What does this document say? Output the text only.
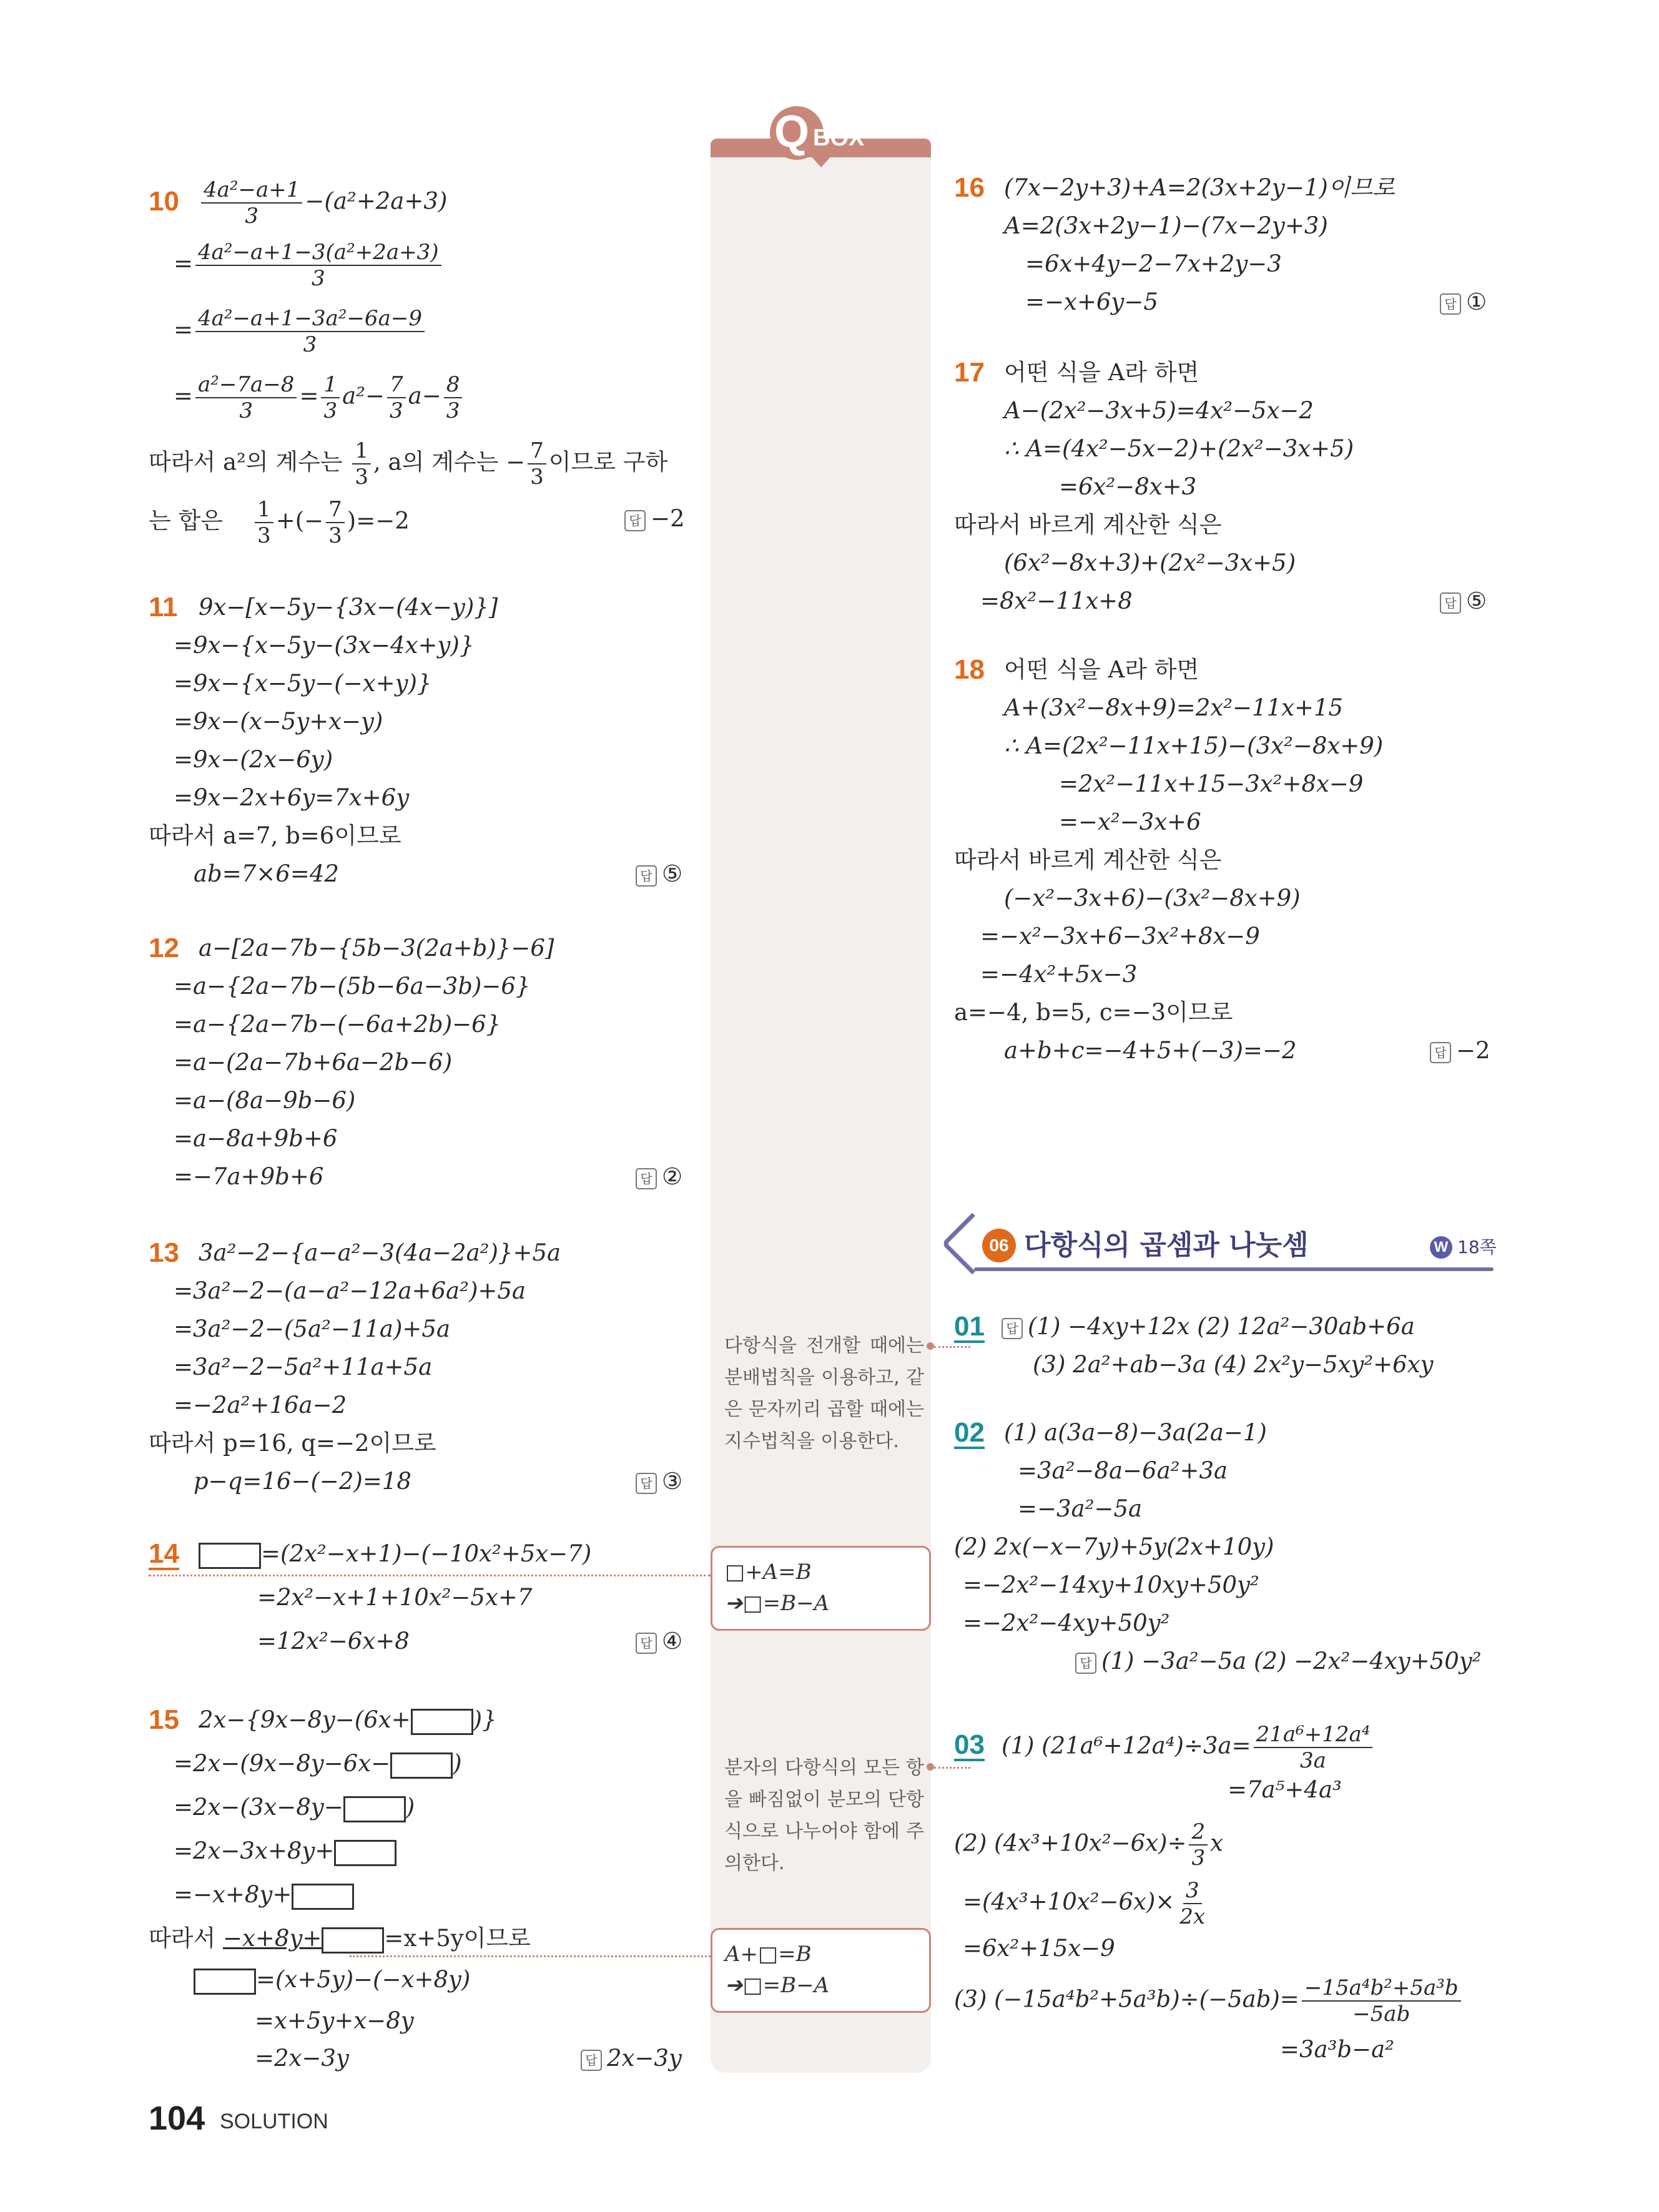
Q BOX
$10 \frac{\text{4a²−a+1}}{3} -(a^2+2a+3)$
= $\frac{\text{4a²−a+1−3(a²+2a+3)}}{3}$
= $\frac{\text{4a²−a+1−3a²−6a−9}}{3}$
= $\frac{\text{a²−7a−8}}{3} = \frac{1}{3} a^2- \frac{7}{3} a- \frac{8}{3}$
따라서 a²의 계수는 $\frac{1}{3}$ , a의 계수는 − $\frac{7}{3}$ 이므로 구하
는 합은 $\frac{1}{3}$ +(− $\frac{7}{3} )=-2$	답 −2
11 9x−[x−5y−{3x−(4x−y)}]
=9x−{x−5y−(3x−4x+y)}
=9x−{x−5y−(−x+y)}
=9x−(x−5y+x−y)
=9x−(2x−6y)
=9x−2x+6y=7x+6y
따라서 a=7, b=6이므로
ab=7×6=42	답 ⑤
12 a−[2a−7b−{5b−3(2a+b)}−6]
=a−{2a−7b−(5b−6a−3b)−6}
=a−{2a−7b−(−6a+2b)−6}
=a−(2a−7b+6a−2b−6)
=a−(8a−9b−6)
=a−8a+9b+6
=−7a+9b+6	답 ②
13 3a²−2−{a−a²−3(4a−2a²)}+5a
=3a²−2−(a−a²−12a+6a²)+5a
=3a²−2−(5a²−11a)+5a
=3a²−2−5a²+11a+5a
=−2a²+16a−2
따라서 p=16, q=−2이므로
p−q=16−(−2)=18	답 ③
14	=(2x²−x+1)−(−10x²+5x−7)
=2x²−x+1+10x²−5x+7
=12x²−6x+8	답 ④
15 2x−{9x−8y−(6x+	)}
=2x−(9x−8y−6x−	)
=2x−(3x−8y−	)
=2x−3x+8y+
=−x+8y+
따라서 −x+8y+	=x+5y이므로
=(x+5y)−(−x+8y)
=x+5y+x−8y
=2x−3y	답 2x−3y
다항식을 전개할 때에는 분배법칙을 이용하고, 같은 문자끼리 곱할 때에는 지수법칙을 이용한다.
□+A=B
➔□=B−A
분자의 다항식의 모든 항을 빠짐없이 분모의 단항식으로 나누어야 함에 주의한다.
A+□=B
➔□=B−A
16 (7x−2y+3)+A=2(3x+2y−1)이므로
A=2(3x+2y−1)−(7x−2y+3)
=6x+4y−2−7x+2y−3
=−x+6y−5	답 ①
17 어떤 식을 A라 하면
A−(2x²−3x+5)=4x²−5x−2
∴ A=(4x²−5x−2)+(2x²−3x+5)
=6x²−8x+3
따라서 바르게 계산한 식은
(6x²−8x+3)+(2x²−3x+5)
=8x²−11x+8	답 ⑤
18 어떤 식을 A라 하면
A+(3x²−8x+9)=2x²−11x+15
∴ A=(2x²−11x+15)−(3x²−8x+9)
=2x²−11x+15−3x²+8x−9
=−x²−3x+6
따라서 바르게 계산한 식은
(−x²−3x+6)−(3x²−8x+9)
=−x²−3x+6−3x²+8x−9
=−4x²+5x−3
a=−4, b=5, c=−3이므로
a+b+c=−4+5+(−3)=−2	답 −2
06 다항식의 곱셈과 나눗셈	W 18쪽
01	답 (1) −4xy+12x (2) 12a²−30ab+6a
(3) 2a²+ab−3a (4) 2x²y−5xy²+6xy
02 (1) a(3a−8)−3a(2a−1)
=3a²−8a−6a²+3a
=−3a²−5a
(2) 2x(−x−7y)+5y(2x+10y)
=−2x²−14xy+10xy+50y²
=−2x²−4xy+50y²
답 (1) −3a²−5a (2) −2x²−4xy+50y²
03 (1) $(21a^6+12a^4)\div 3a= \frac{\text{21a⁶+12a⁴}}{3a}$
=7a⁵+4a³
(2) $(4x^3+10x^2-6x)\div \frac{2}{3}$ x
$=(4x^3+10x^2-6x)\times \frac{3}{2x}$
=6x²+15x−9
(3) $(-15a^4b^2+5a^3b)\div(-5ab)= \frac{\text{−15a⁴b²+5a³b}}{-5ab}$
=3a³b−a²
104 SOLUTION
